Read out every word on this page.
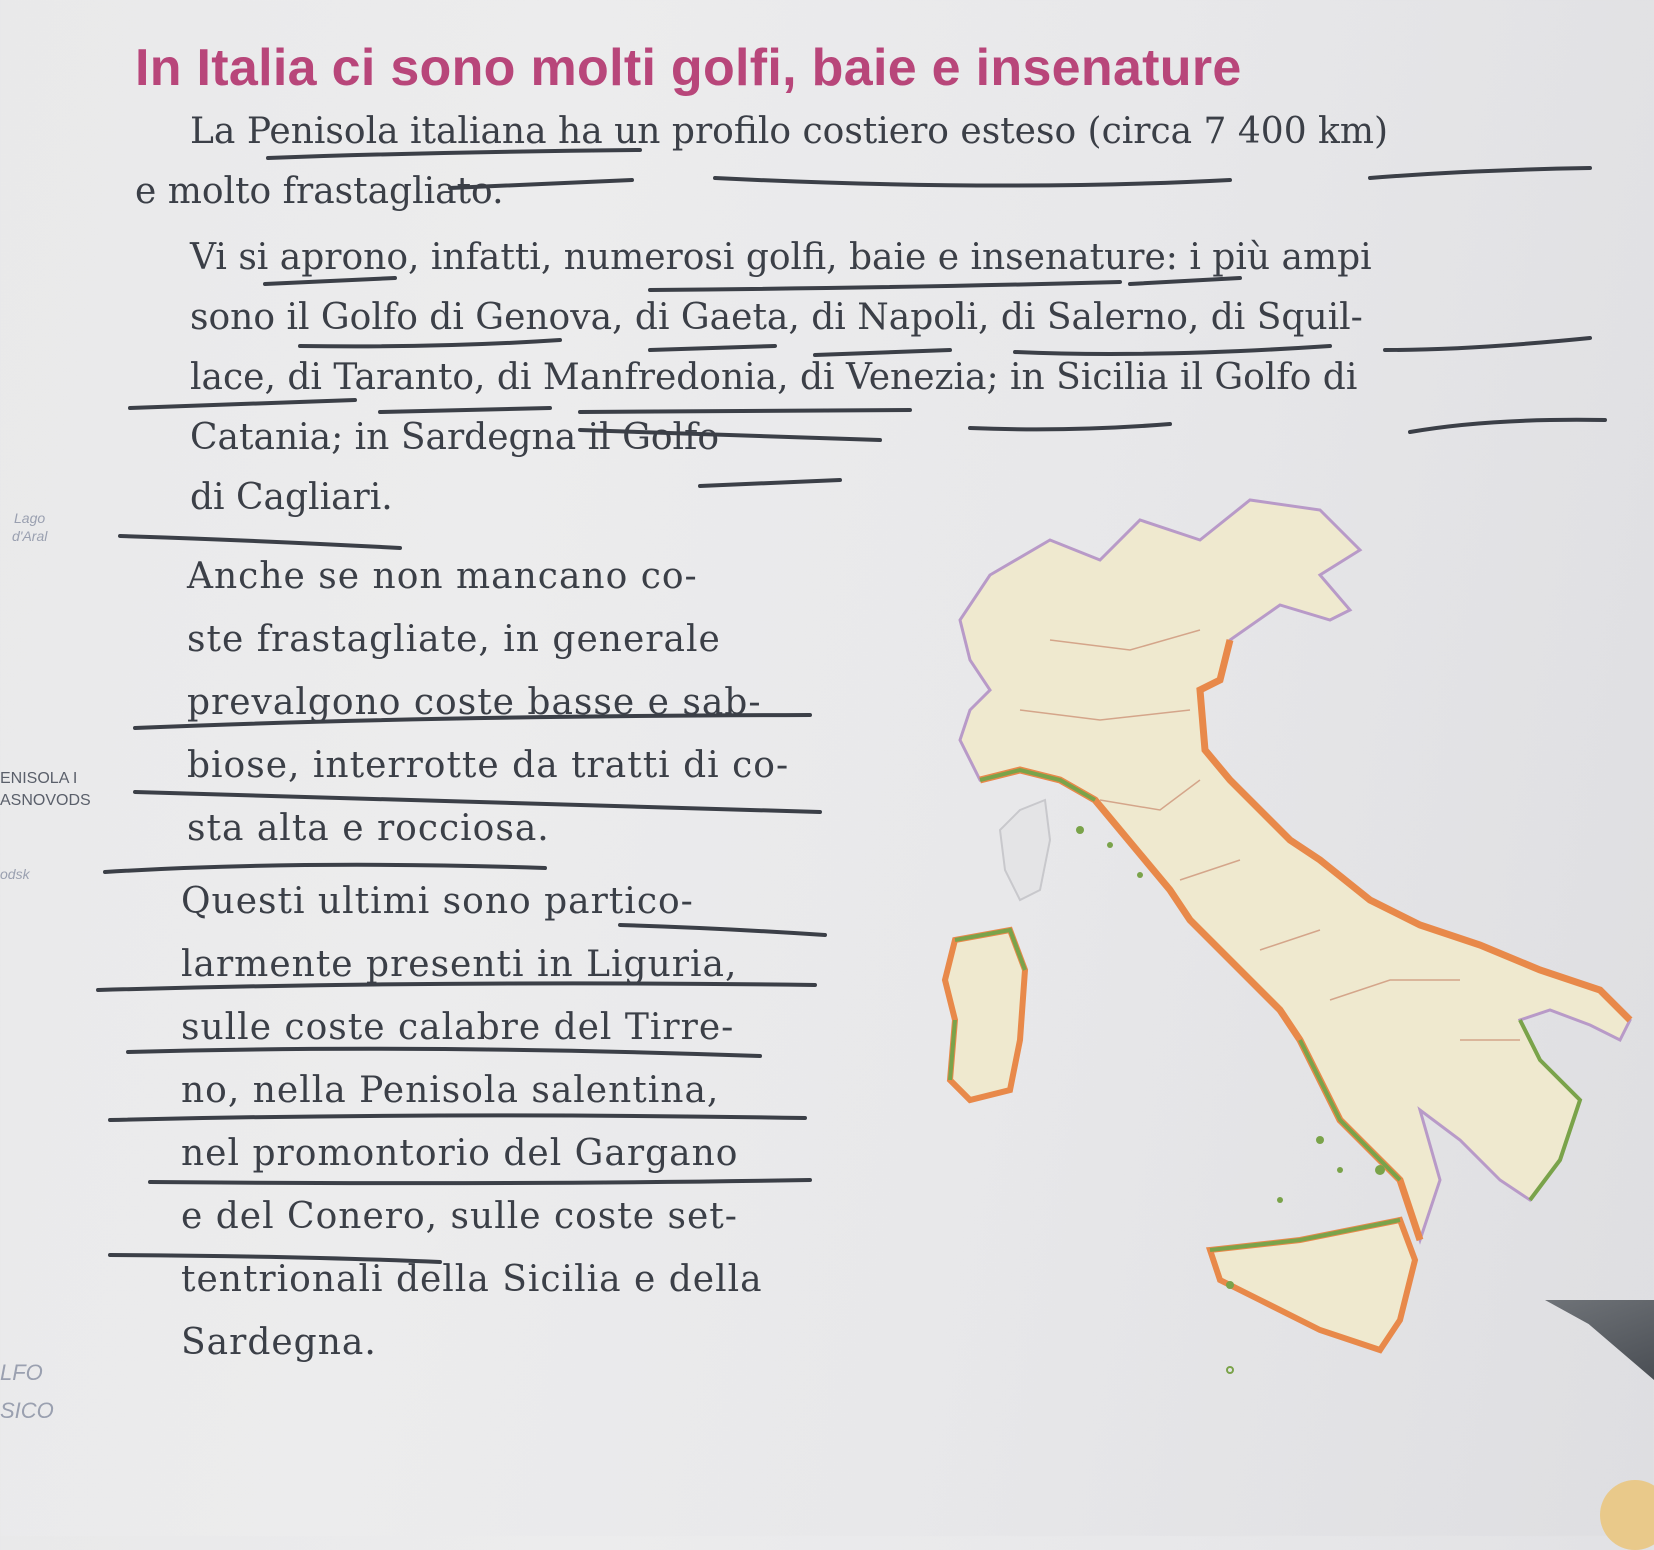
In Italia ci sono molti golfi, baie e insenature
La Penisola italiana ha un profilo costiero esteso (circa 7 400 km)
e molto frastagliato.
Vi si aprono, infatti, numerosi golfi, baie e insenature: i più ampi
sono il Golfo di Genova, di Gaeta, di Napoli, di Salerno, di Squil-
lace, di Taranto, di Manfredonia, di Venezia; in Sicilia il Golfo di
Catania; in Sardegna il Golfo
di Cagliari.
Anche se non mancano co-
ste frastagliate, in generale
prevalgono coste basse e sab-
biose, interrotte da tratti di co-
sta alta e rocciosa.
Questi ultimi sono partico-
larmente presenti in Liguria,
sulle coste calabre del Tirre-
no, nella Penisola salentina,
nel promontorio del Gargano
e del Conero, sulle coste set-
tentrionali della Sicilia e della
Sardegna.
Lago
d'Aral
ENISOLA I
ASNOVODS
odsk
LFO
SICO
